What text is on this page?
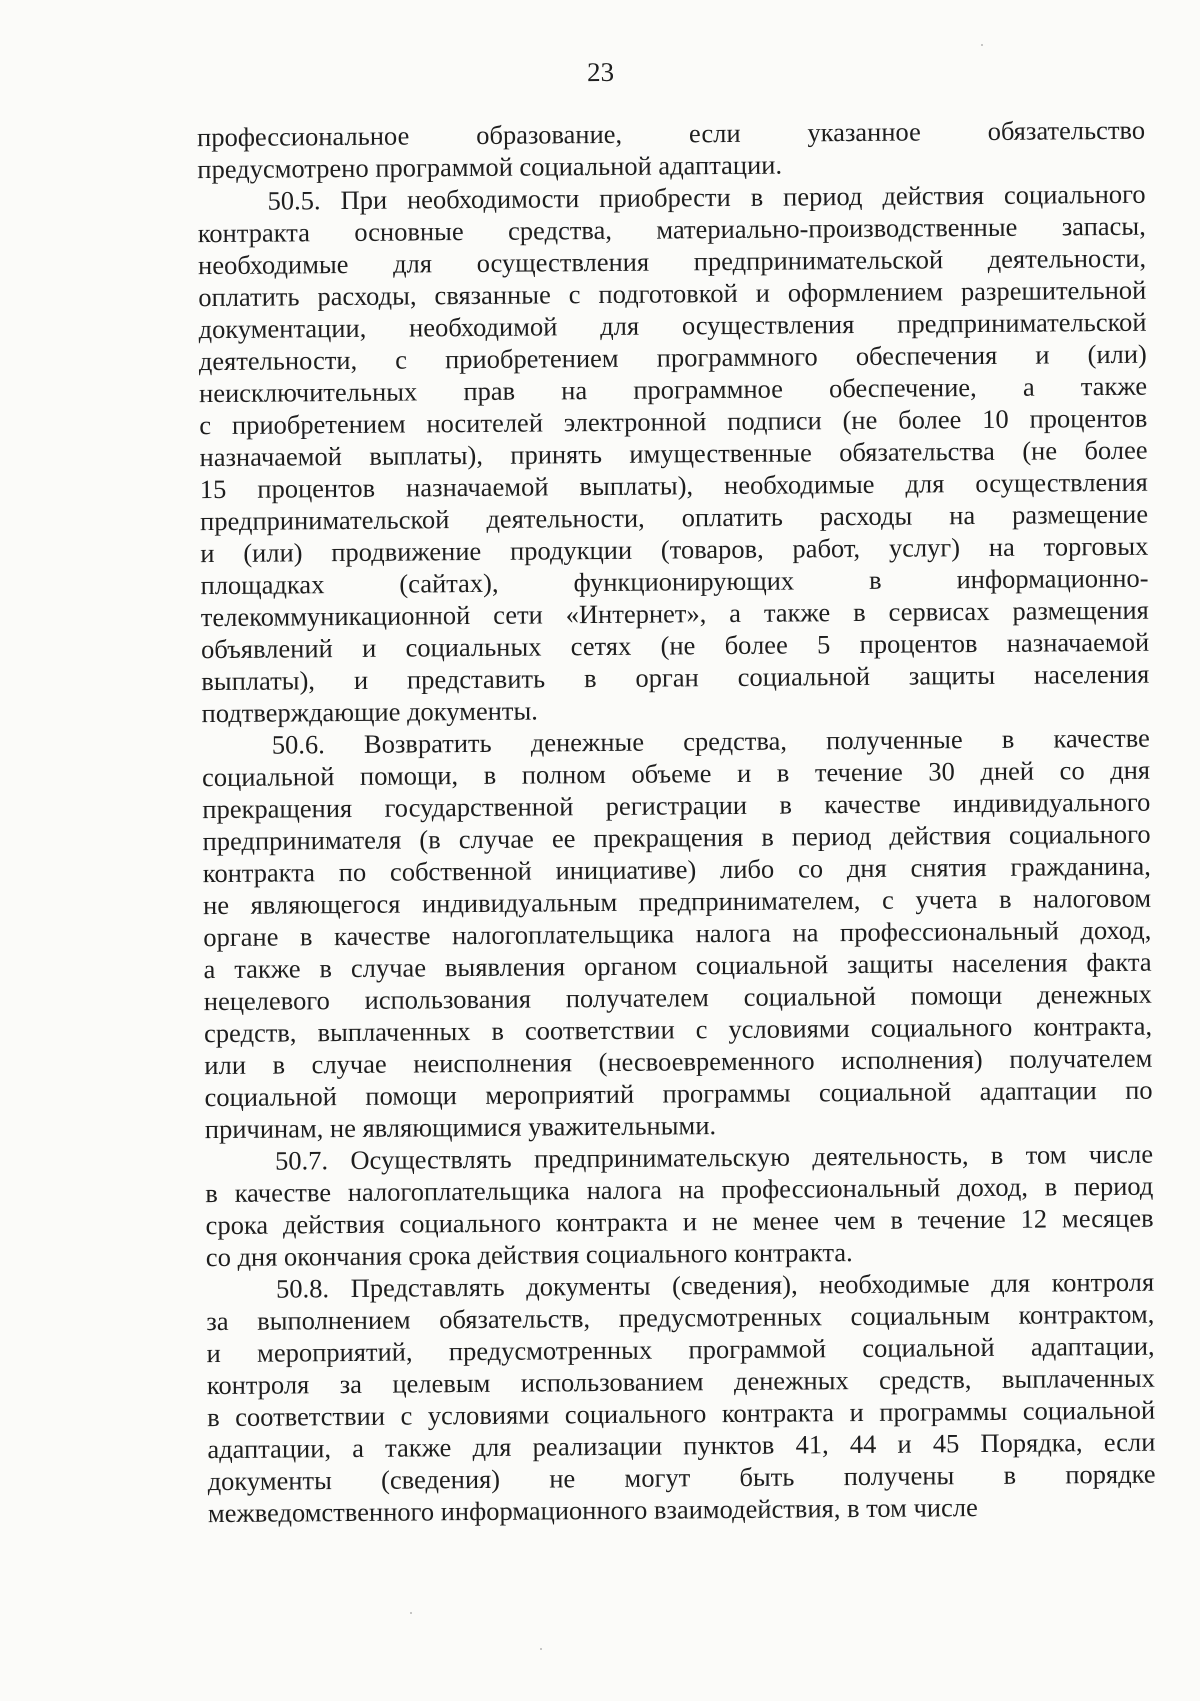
23
профессиональное образование, если указанное обязательство
предусмотрено программой социальной адаптации.
50.5. При необходимости приобрести в период действия социального
контракта основные средства, материально-производственные запасы,
необходимые для осуществления предпринимательской деятельности,
оплатить расходы, связанные с подготовкой и оформлением разрешительной
документации, необходимой для осуществления предпринимательской
деятельности, с приобретением программного обеспечения и (или)
неисключительных прав на программное обеспечение, а также
с приобретением носителей электронной подписи (не более 10 процентов
назначаемой выплаты), принять имущественные обязательства (не более
15 процентов назначаемой выплаты), необходимые для осуществления
предпринимательской деятельности, оплатить расходы на размещение
и (или) продвижение продукции (товаров, работ, услуг) на торговых
площадках (сайтах), функционирующих в информационно-
телекоммуникационной сети «Интернет», а также в сервисах размещения
объявлений и социальных сетях (не более 5 процентов назначаемой
выплаты), и представить в орган социальной защиты населения
подтверждающие документы.
50.6. Возвратить денежные средства, полученные в качестве
социальной помощи, в полном объеме и в течение 30 дней со дня
прекращения государственной регистрации в качестве индивидуального
предпринимателя (в случае ее прекращения в период действия социального
контракта по собственной инициативе) либо со дня снятия гражданина,
не являющегося индивидуальным предпринимателем, с учета в налоговом
органе в качестве налогоплательщика налога на профессиональный доход,
а также в случае выявления органом социальной защиты населения факта
нецелевого использования получателем социальной помощи денежных
средств, выплаченных в соответствии с условиями социального контракта,
или в случае неисполнения (несвоевременного исполнения) получателем
социальной помощи мероприятий программы социальной адаптации по
причинам, не являющимися уважительными.
50.7. Осуществлять предпринимательскую деятельность, в том числе
в качестве налогоплательщика налога на профессиональный доход, в период
срока действия социального контракта и не менее чем в течение 12 месяцев
со дня окончания срока действия социального контракта.
50.8. Представлять документы (сведения), необходимые для контроля
за выполнением обязательств, предусмотренных социальным контрактом,
и мероприятий, предусмотренных программой социальной адаптации,
контроля за целевым использованием денежных средств, выплаченных
в соответствии с условиями социального контракта и программы социальной
адаптации, а также для реализации пунктов 41, 44 и 45 Порядка, если
документы (сведения) не могут быть получены в порядке
межведомственного информационного взаимодействия, в том числе
